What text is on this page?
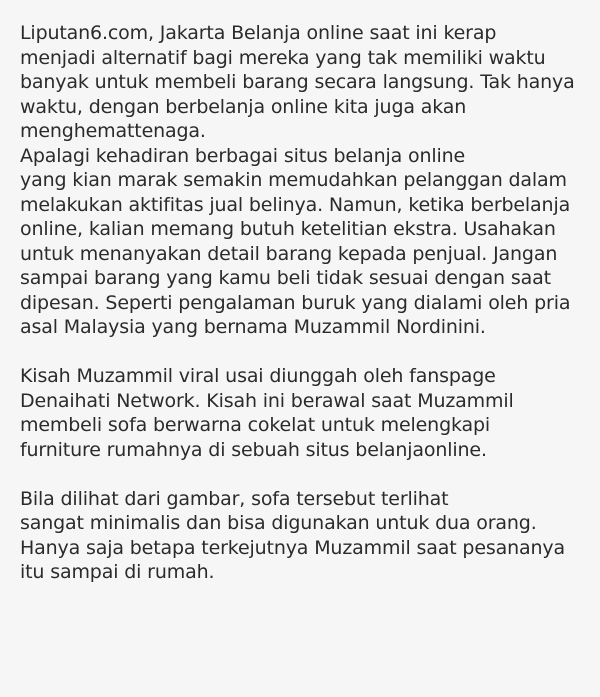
Liputan6.com, Jakarta Belanja online saat ini kerap
menjadi alternatif bagi mereka yang tak memiliki waktu
banyak untuk membeli barang secara langsung. Tak hanya
waktu, dengan berbelanja online kita juga akan
menghemattenaga.
Apalagi kehadiran berbagai situs belanja online
yang kian marak semakin memudahkan pelanggan dalam
melakukan aktifitas jual belinya. Namun, ketika berbelanja
online, kalian memang butuh ketelitian ekstra. Usahakan
untuk menanyakan detail barang kepada penjual. Jangan
sampai barang yang kamu beli tidak sesuai dengan saat
dipesan. Seperti pengalaman buruk yang dialami oleh pria
asal Malaysia yang bernama Muzammil Nordinini.

Kisah Muzammil viral usai diunggah oleh fanspage
Denaihati Network. Kisah ini berawal saat Muzammil
membeli sofa berwarna cokelat untuk melengkapi
furniture rumahnya di sebuah situs belanjaonline.

Bila dilihat dari gambar, sofa tersebut terlihat
sangat minimalis dan bisa digunakan untuk dua orang.
Hanya saja betapa terkejutnya Muzammil saat pesananya
itu sampai di rumah.
